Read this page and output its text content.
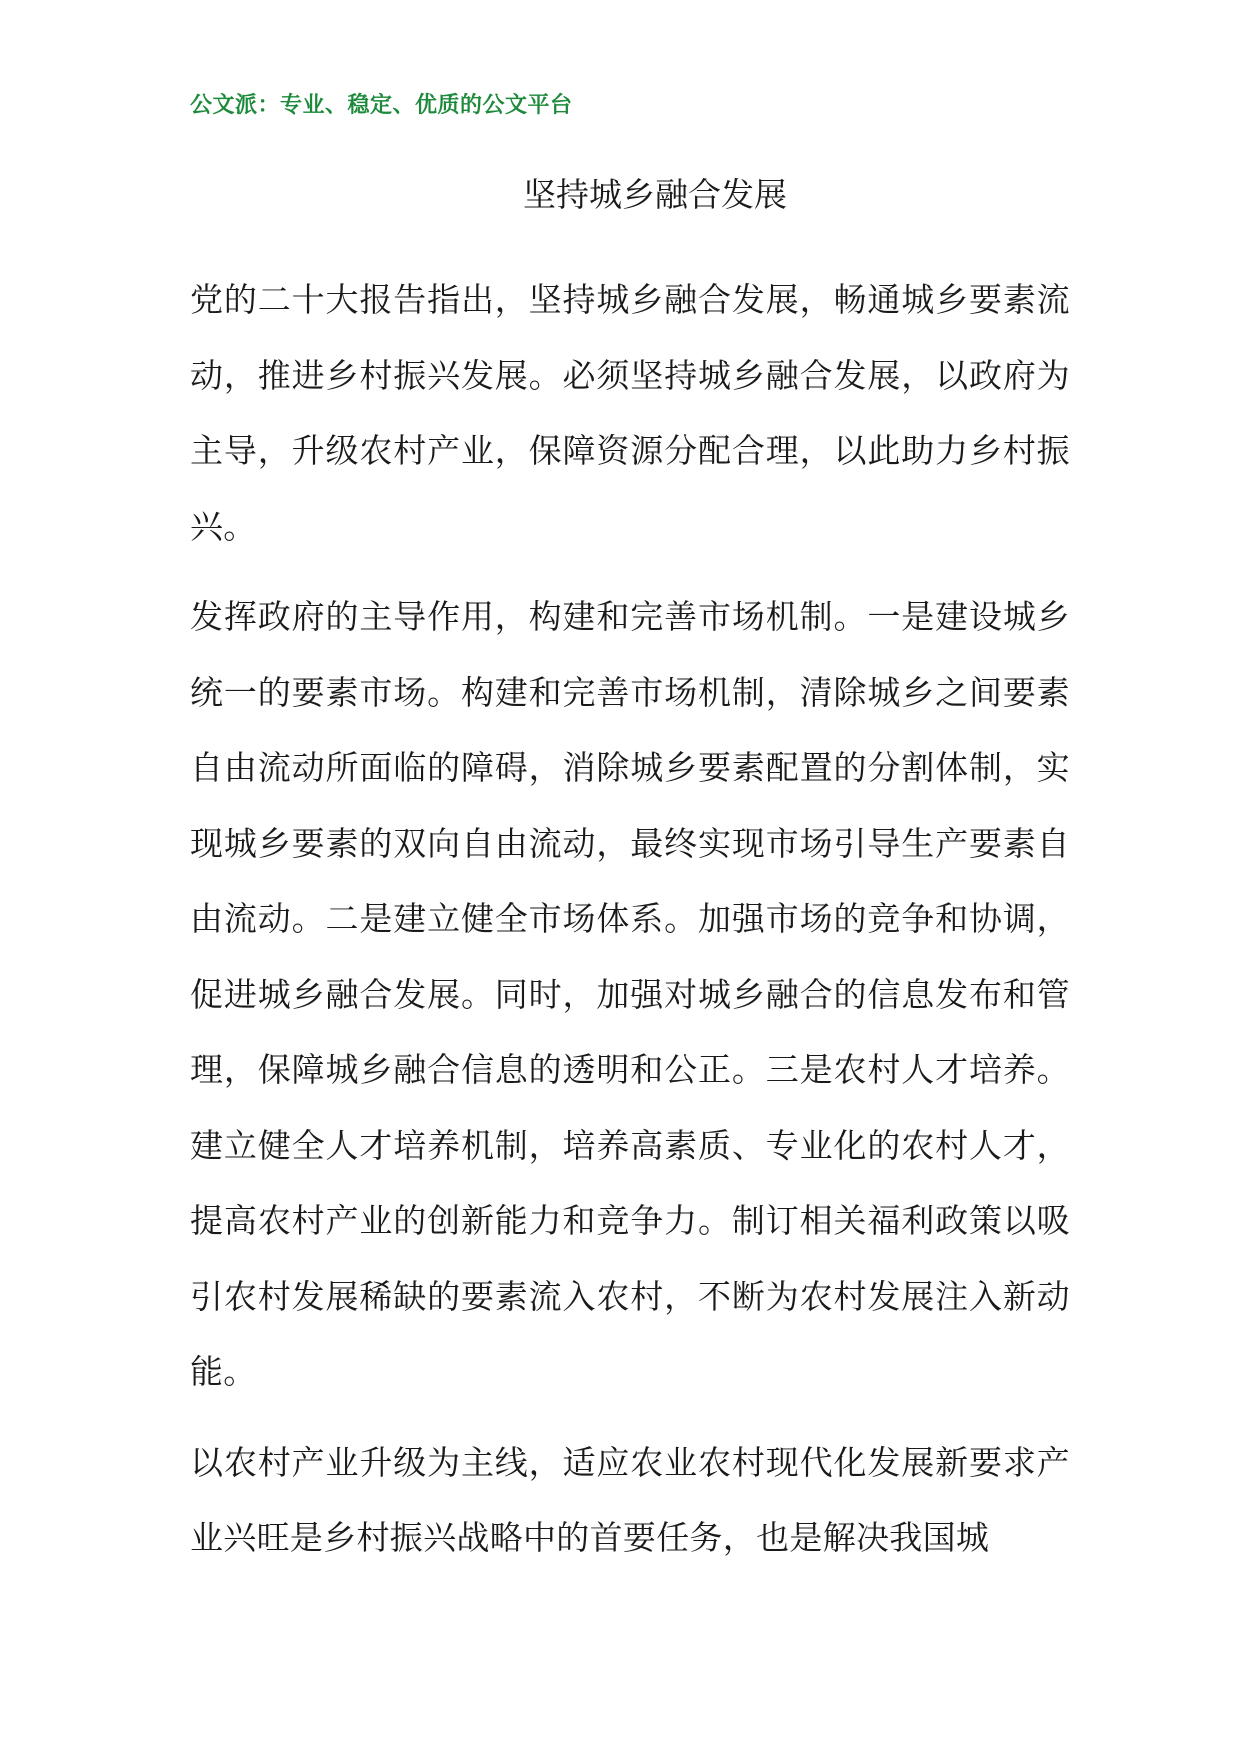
公文派：专业、稳定、优质的公文平台
坚持城乡融合发展

党的二十大报告指出，坚持城乡融合发展，畅通城乡要素流动，推进乡村振兴发展。必须坚持城乡融合发展，以政府为主导，升级农村产业，保障资源分配合理，以此助力乡村振兴。

发挥政府的主导作用，构建和完善市场机制。一是建设城乡统一的要素市场。构建和完善市场机制，清除城乡之间要素自由流动所面临的障碍，消除城乡要素配置的分割体制，实现城乡要素的双向自由流动，最终实现市场引导生产要素自由流动。二是建立健全市场体系。加强市场的竞争和协调，促进城乡融合发展。同时，加强对城乡融合的信息发布和管理，保障城乡融合信息的透明和公正。三是农村人才培养。建立健全人才培养机制，培养高素质、专业化的农村人才，提高农村产业的创新能力和竞争力。制订相关福利政策以吸引农村发展稀缺的要素流入农村，不断为农村发展注入新动能。

以农村产业升级为主线，适应农业农村现代化发展新要求产业兴旺是乡村振兴战略中的首要任务，也是解决我国城
